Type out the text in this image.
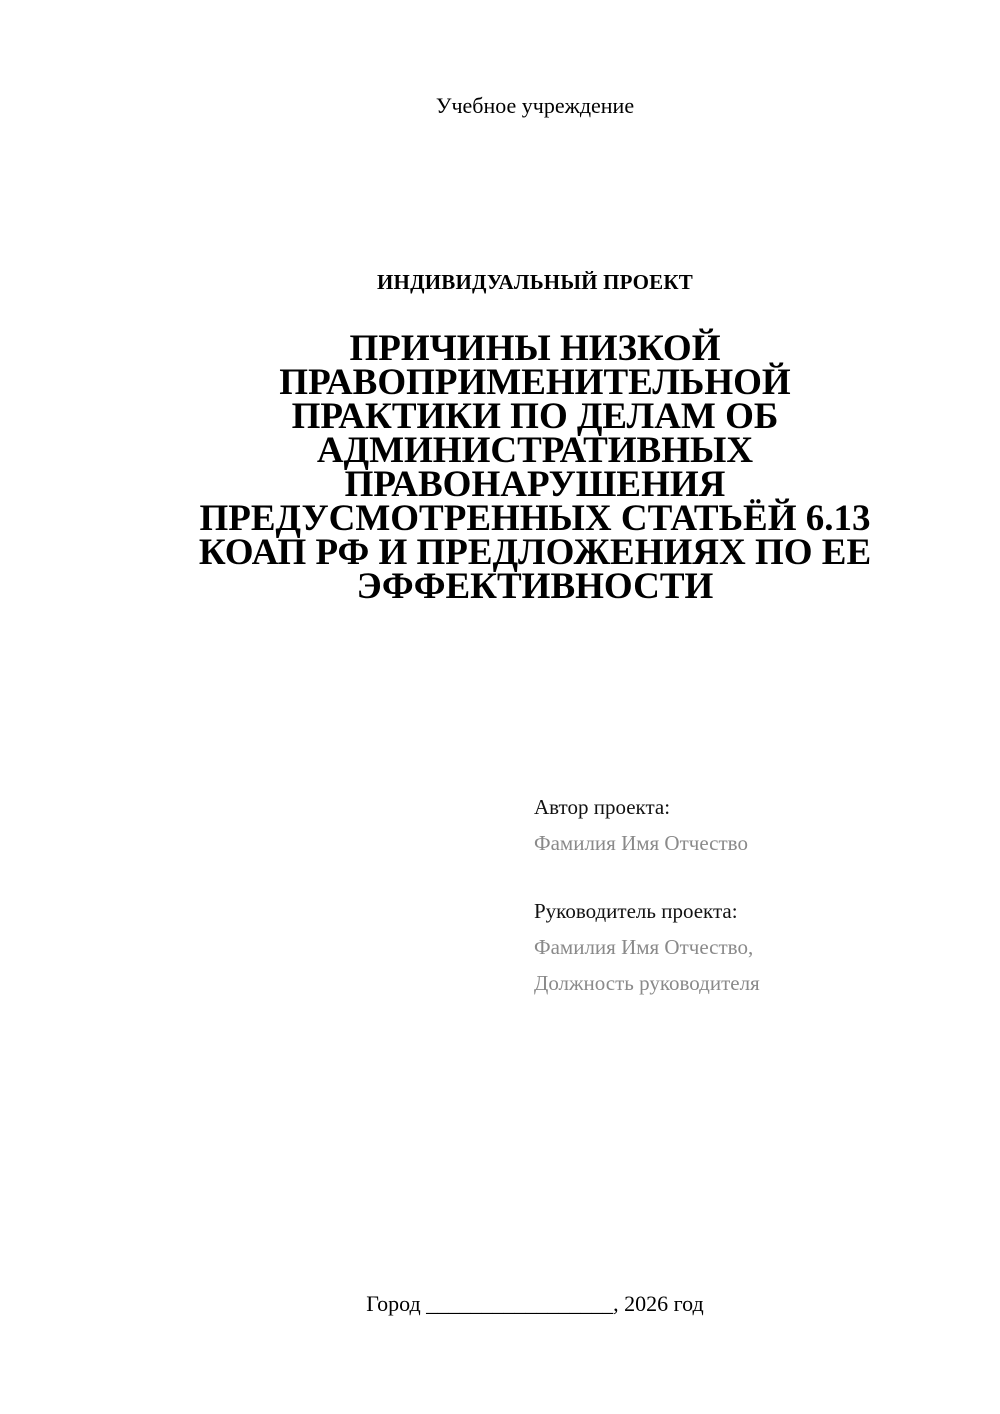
Учебное учреждение
ИНДИВИДУАЛЬНЫЙ ПРОЕКТ
ПРИЧИНЫ НИЗКОЙ
ПРАВОПРИМЕНИТЕЛЬНОЙ
ПРАКТИКИ ПО ДЕЛАМ ОБ
АДМИНИСТРАТИВНЫХ
ПРАВОНАРУШЕНИЯ
ПРЕДУСМОТРЕННЫХ СТАТЬЁЙ 6.13
КОАП РФ И ПРЕДЛОЖЕНИЯХ ПО ЕЕ
ЭФФЕКТИВНОСТИ
Автор проекта:
Фамилия Имя Отчество
Руководитель проекта:
Фамилия Имя Отчество,
Должность руководителя
Город _________________, 2026 год
